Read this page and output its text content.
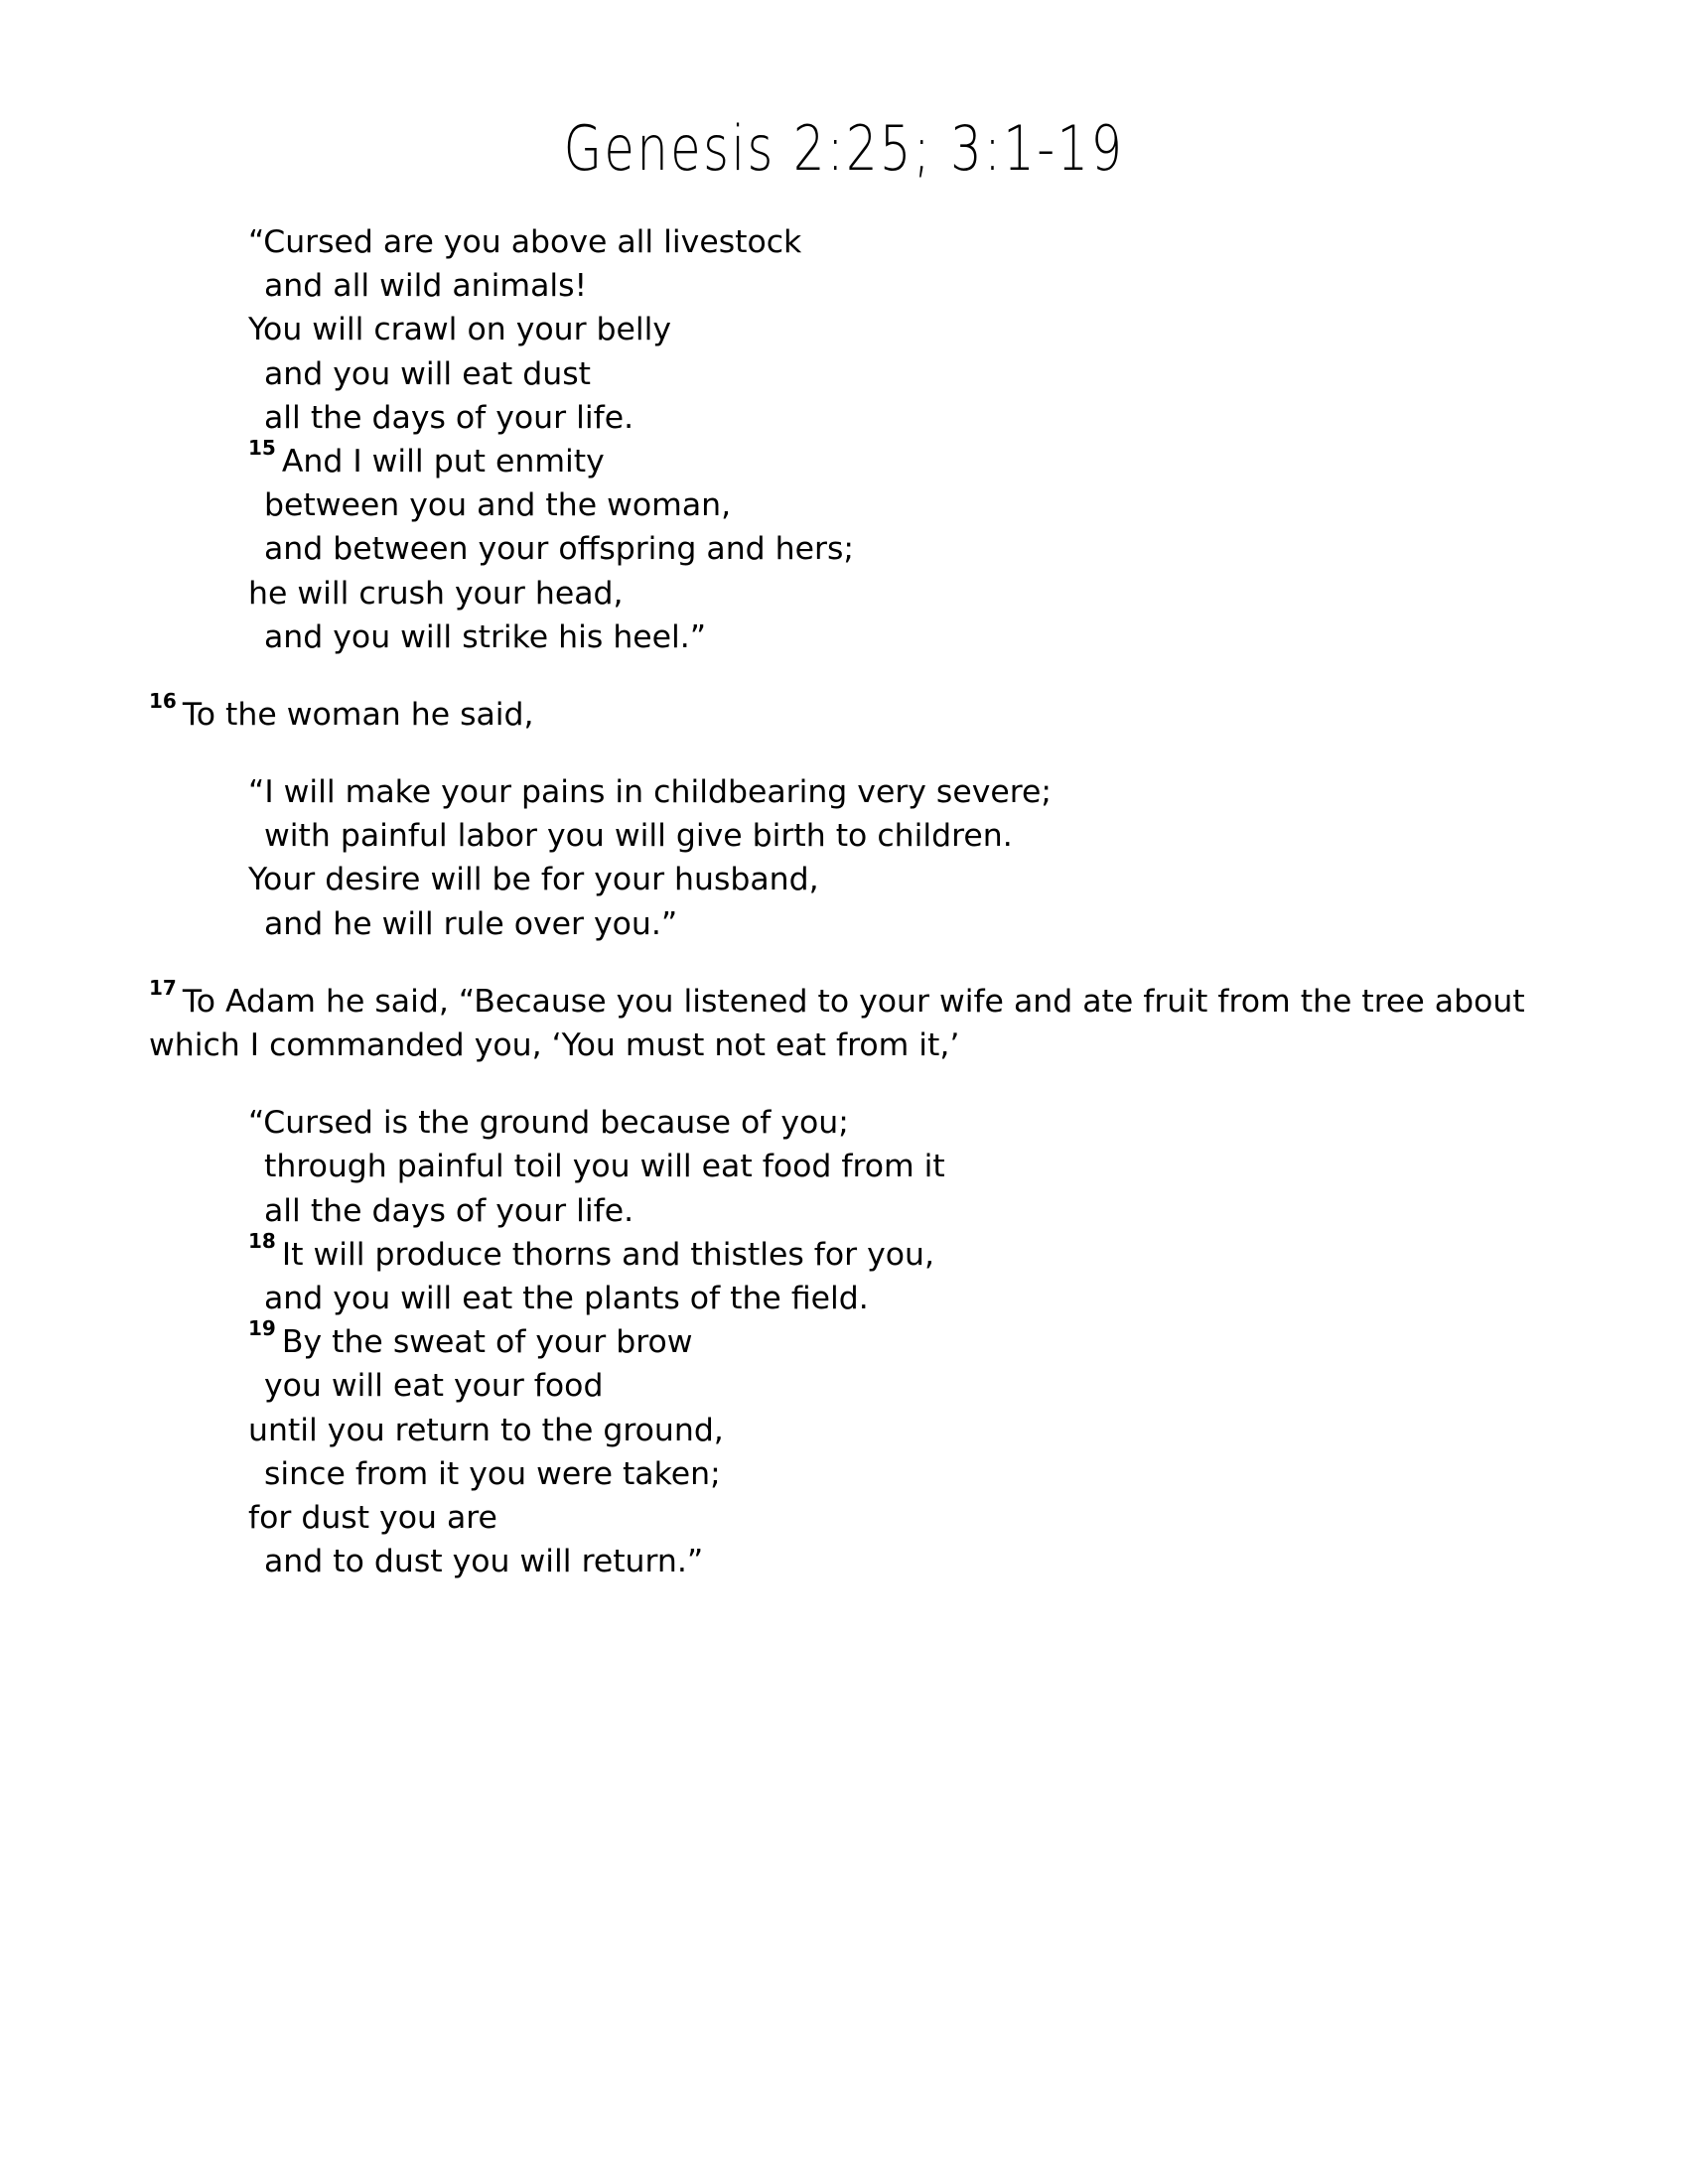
Genesis 2:25; 3:1-19
“Cursed are you above all livestock
and all wild animals!
You will crawl on your belly
and you will eat dust
all the days of your life.
$^{15}$ And I will put enmity
between you and the woman,
and between your offspring and hers;
he will crush your head,
and you will strike his heel.”

$^{16}$ To the woman he said,

“I will make your pains in childbearing very severe;
with painful labor you will give birth to children.
Your desire will be for your husband,
and he will rule over you.”

$^{17}$ To Adam he said, “Because you listened to your wife and ate fruit from the tree about which I commanded you, ‘You must not eat from it,’

“Cursed is the ground because of you;
through painful toil you will eat food from it
all the days of your life.
$^{18}$ It will produce thorns and thistles for you,
and you will eat the plants of the field.
$^{19}$ By the sweat of your brow
you will eat your food
until you return to the ground,
since from it you were taken;
for dust you are
and to dust you will return.”
